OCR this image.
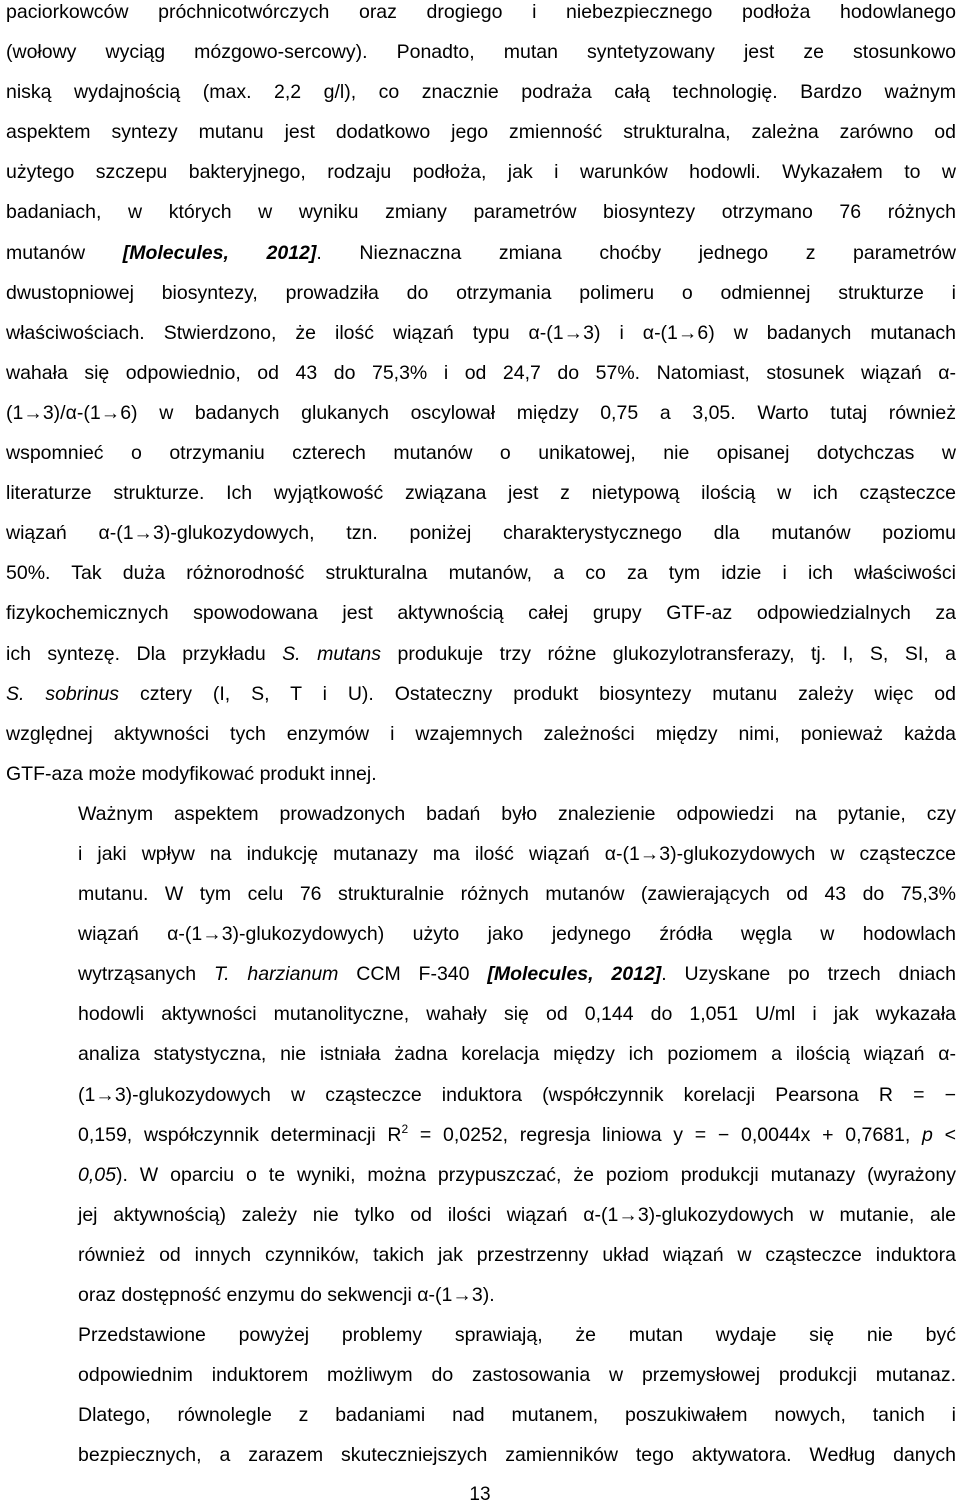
paciorkowców próchnicotwórczych oraz drogiego i niebezpiecznego podłoża hodowlanego
(wołowy wyciąg mózgowo-sercowy). Ponadto, mutan syntetyzowany jest ze stosunkowo
niską wydajnością (max. 2,2 g/l), co znacznie podraża całą technologię. Bardzo ważnym
aspektem syntezy mutanu jest dodatkowo jego zmienność strukturalna, zależna zarówno od
użytego szczepu bakteryjnego, rodzaju podłoża, jak i warunków hodowli. Wykazałem to w
badaniach, w których w wyniku zmiany parametrów biosyntezy otrzymano 76 różnych
mutanów [Molecules, 2012]. Nieznaczna zmiana choćby jednego z parametrów
dwustopniowej biosyntezy, prowadziła do otrzymania polimeru o odmiennej strukturze i
właściwościach. Stwierdzono, że ilość wiązań typu α-(1→3) i α-(1→6) w badanych mutanach
wahała się odpowiednio, od 43 do 75,3% i od 24,7 do 57%. Natomiast, stosunek wiązań α-
(1→3)/α-(1→6) w badanych glukanych oscylował między 0,75 a 3,05. Warto tutaj również
wspomnieć o otrzymaniu czterech mutanów o unikatowej, nie opisanej dotychczas w
literaturze strukturze. Ich wyjątkowość związana jest z nietypową ilością w ich cząsteczce
wiązań α-(1→3)-glukozydowych, tzn. poniżej charakterystycznego dla mutanów poziomu
50%. Tak duża różnorodność strukturalna mutanów, a co za tym idzie i ich właściwości
fizykochemicznych spowodowana jest aktywnością całej grupy GTF-az odpowiedzialnych za
ich syntezę. Dla przykładu S. mutans produkuje trzy różne glukozylotransferazy, tj. I, S, SI, a
S. sobrinus cztery (I, S, T i U). Ostateczny produkt biosyntezy mutanu zależy więc od
względnej aktywności tych enzymów i wzajemnych zależności między nimi, ponieważ każda
GTF-aza może modyfikować produkt innej.

Ważnym aspektem prowadzonych badań było znalezienie odpowiedzi na pytanie, czy
i jaki wpływ na indukcję mutanazy ma ilość wiązań α-(1→3)-glukozydowych w cząsteczce
mutanu. W tym celu 76 strukturalnie różnych mutanów (zawierających od 43 do 75,3%
wiązań α-(1→3)-glukozydowych) użyto jako jedynego źródła węgla w hodowlach
wytrząsanych T. harzianum CCM F-340 [Molecules, 2012]. Uzyskane po trzech dniach
hodowli aktywności mutanolityczne, wahały się od 0,144 do 1,051 U/ml i jak wykazała
analiza statystyczna, nie istniała żadna korelacja między ich poziomem a ilością wiązań α-
(1→3)-glukozydowych w cząsteczce induktora (współczynnik korelacji Pearsona R = −
0,159, współczynnik determinacji $R^2 = 0,0252$, regresja liniowa y = − 0,0044x + 0,7681, p <
0,05). W oparciu o te wyniki, można przypuszczać, że poziom produkcji mutanazy (wyrażony
jej aktywnością) zależy nie tylko od ilości wiązań α-(1→3)-glukozydowych w mutanie, ale
również od innych czynników, takich jak przestrzenny układ wiązań w cząsteczce induktora
oraz dostępność enzymu do sekwencji α-(1→3).

Przedstawione powyżej problemy sprawiają, że mutan wydaje się nie być
odpowiednim induktorem możliwym do zastosowania w przemysłowej produkcji mutanaz.
Dlatego, równolegle z badaniami nad mutanem, poszukiwałem nowych, tanich i
bezpiecznych, a zarazem skuteczniejszych zamienników tego aktywatora. Według danych

13
